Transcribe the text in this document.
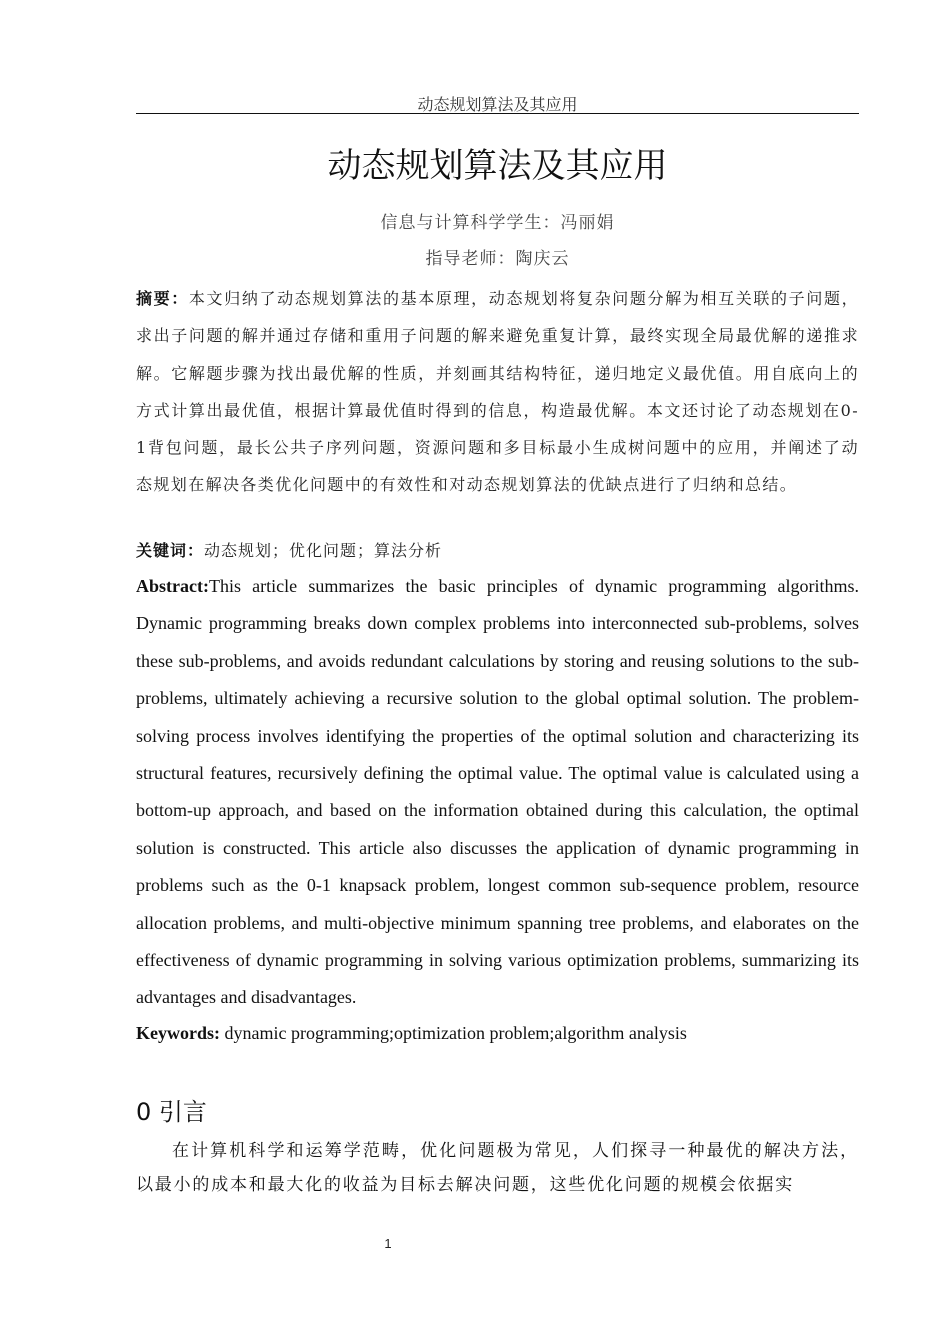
动态规划算法及其应用
动态规划算法及其应用
信息与计算科学学生：冯丽娟
指导老师：陶庆云
摘要：本文归纳了动态规划算法的基本原理，动态规划将复杂问题分解为相互关联的子问题，求出子问题的解并通过存储和重用子问题的解来避免重复计算，最终实现全局最优解的递推求解。它解题步骤为找出最优解的性质，并刻画其结构特征，递归地定义最优值。用自底向上的方式计算出最优值，根据计算最优值时得到的信息，构造最优解。本文还讨论了动态规划在0-1背包问题，最长公共子序列问题，资源问题和多目标最小生成树问题中的应用，并阐述了动态规划在解决各类优化问题中的有效性和对动态规划算法的优缺点进行了归纳和总结。
关键词：动态规划；优化问题；算法分析
Abstract:This article summarizes the basic principles of dynamic programming algorithms. Dynamic programming breaks down complex problems into interconnected sub-problems, solves these sub-problems, and avoids redundant calculations by storing and reusing solutions to the sub-problems, ultimately achieving a recursive solution to the global optimal solution. The problem-solving process involves identifying the properties of the optimal solution and characterizing its structural features, recursively defining the optimal value. The optimal value is calculated using a bottom-up approach, and based on the information obtained during this calculation, the optimal solution is constructed. This article also discusses the application of dynamic programming in problems such as the 0-1 knapsack problem, longest common sub-sequence problem, resource allocation problems, and multi-objective minimum spanning tree problems, and elaborates on the effectiveness of dynamic programming in solving various optimization problems, summarizing its advantages and disadvantages.
Keywords: dynamic programming;optimization problem;algorithm analysis
0 引言
在计算机科学和运筹学范畴，优化问题极为常见，人们探寻一种最优的解决方法，以最小的成本和最大化的收益为目标去解决问题，这些优化问题的规模会依据实
1
